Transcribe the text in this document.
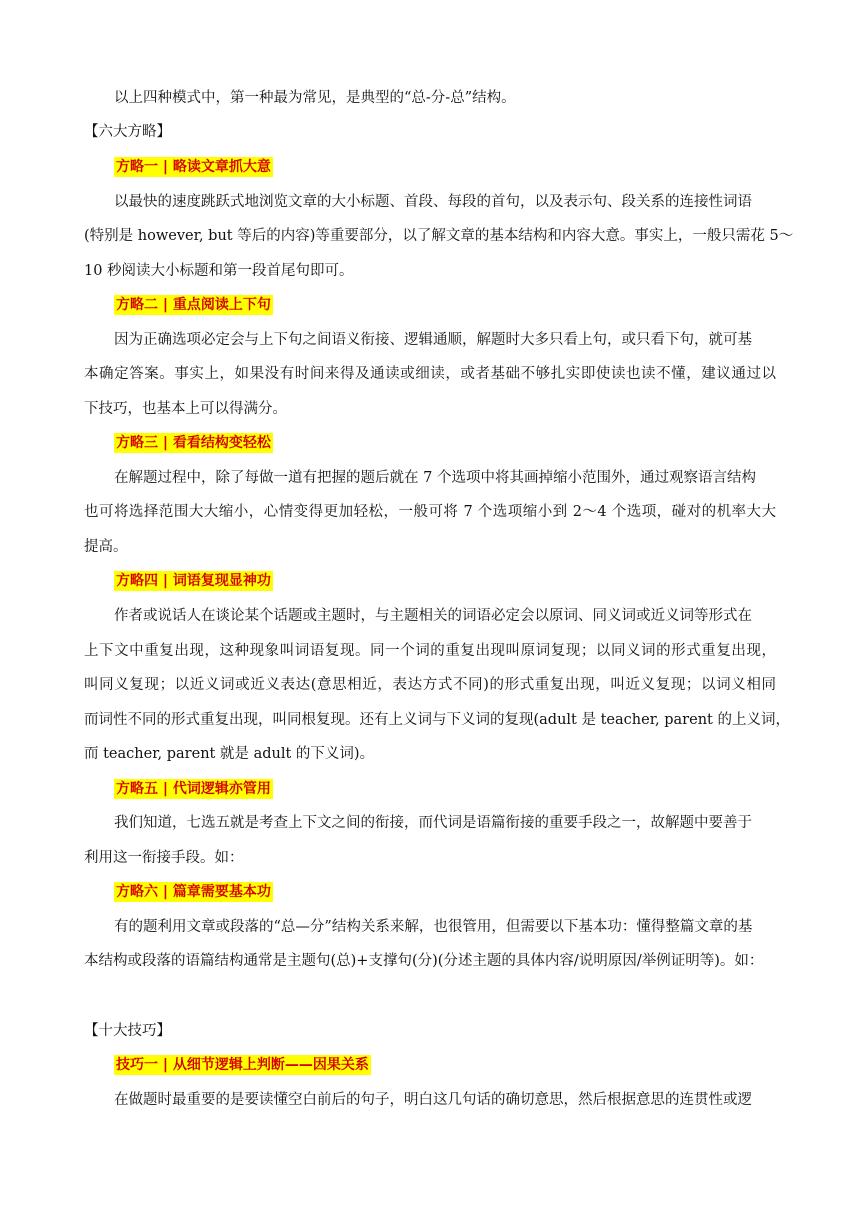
以上四种模式中，第一种最为常见，是典型的“总-分-总”结构。
【六大方略】
方略一 | 略读文章抓大意
以最快的速度跳跃式地浏览文章的大小标题、首段、每段的首句，以及表示句、段关系的连接性词语
(特别是 however, but 等后的内容)等重要部分，以了解文章的基本结构和内容大意。事实上，一般只需花 5～
10 秒阅读大小标题和第一段首尾句即可。
方略二 | 重点阅读上下句
因为正确选项必定会与上下句之间语义衔接、逻辑通顺，解题时大多只看上句，或只看下句，就可基
本确定答案。事实上，如果没有时间来得及通读或细读，或者基础不够扎实即使读也读不懂，建议通过以
下技巧，也基本上可以得满分。
方略三 | 看看结构变轻松
在解题过程中，除了每做一道有把握的题后就在 7 个选项中将其画掉缩小范围外，通过观察语言结构
也可将选择范围大大缩小，心情变得更加轻松，一般可将 7 个选项缩小到 2～4 个选项，碰对的机率大大
提高。
方略四 | 词语复现显神功
作者或说话人在谈论某个话题或主题时，与主题相关的词语必定会以原词、同义词或近义词等形式在
上下文中重复出现，这种现象叫词语复现。同一个词的重复出现叫原词复现；以同义词的形式重复出现，
叫同义复现；以近义词或近义表达(意思相近，表达方式不同)的形式重复出现，叫近义复现；以词义相同
而词性不同的形式重复出现，叫同根复现。还有上义词与下义词的复现(adult 是 teacher, parent 的上义词，
而 teacher, parent 就是 adult 的下义词)。
方略五 | 代词逻辑亦管用
我们知道，七选五就是考查上下文之间的衔接，而代词是语篇衔接的重要手段之一，故解题中要善于
利用这一衔接手段。如：
方略六 | 篇章需要基本功
有的题利用文章或段落的“总—分”结构关系来解，也很管用，但需要以下基本功：懂得整篇文章的基
本结构或段落的语篇结构通常是主题句(总)+支撑句(分)(分述主题的具体内容/说明原因/举例证明等)。如：
【十大技巧】
技巧一 | 从细节逻辑上判断——因果关系
在做题时最重要的是要读懂空白前后的句子，明白这几句话的确切意思，然后根据意思的连贯性或逻
